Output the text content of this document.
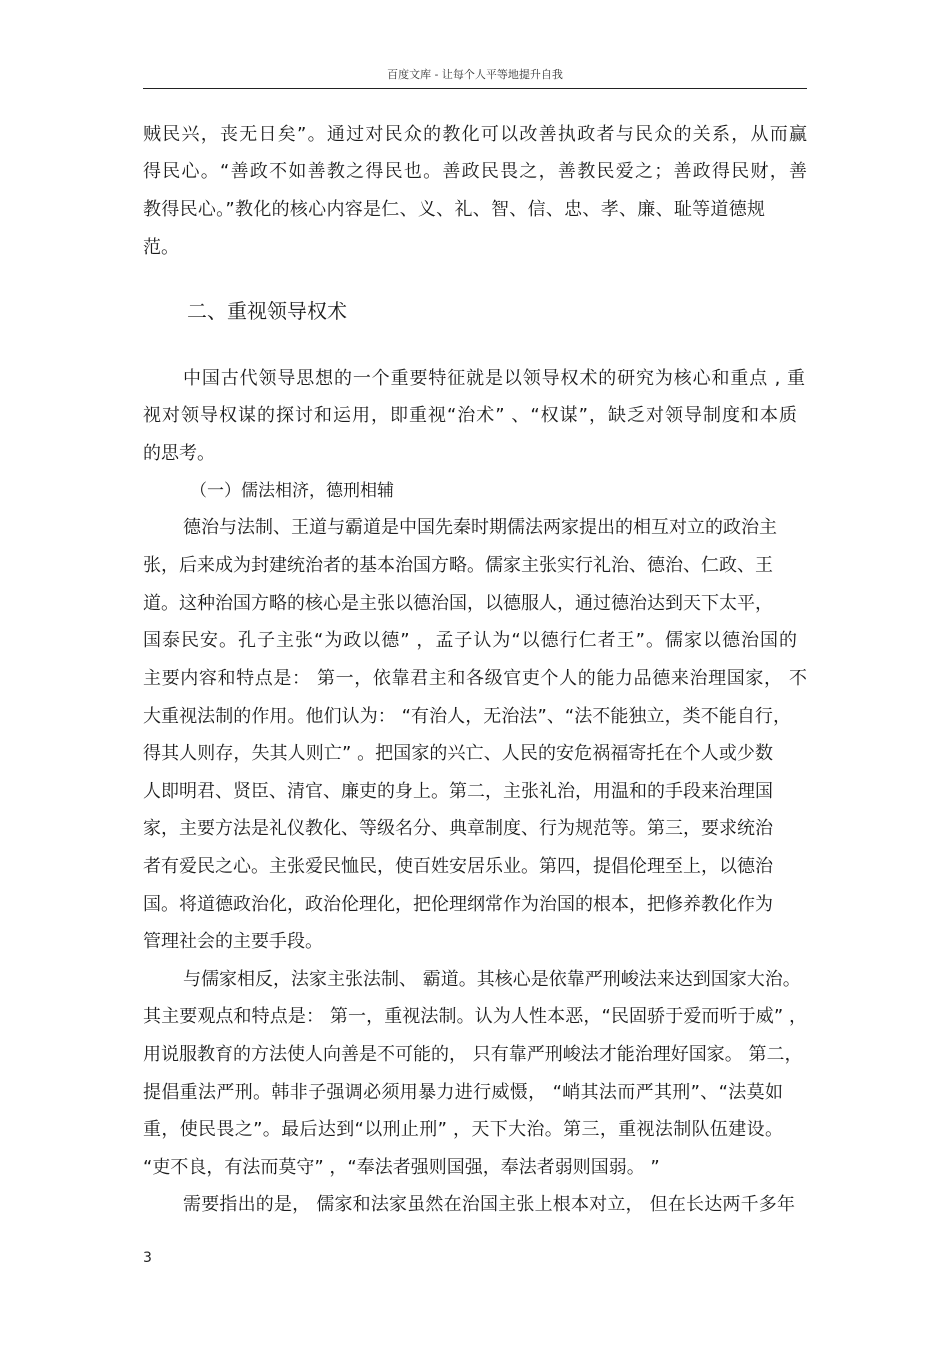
百度文库 - 让每个人平等地提升自我
贼民兴，丧无日矣”。通过对民众的教化可以改善执政者与民众的关系，从而赢
得民心。“善政不如善教之得民也。善政民畏之，善教民爱之；善政得民财，善
教得民心。”教化的核心内容是仁、义、礼、智、信、忠、孝、廉、耻等道德规
范。
二、重视领导权术
中国古代领导思想的一个重要特征就是以领导权术的研究为核心和重点 , 重
视对领导权谋的探讨和运用，即重视“治术” 、“权谋”，缺乏对领导制度和本质
的思考。
（一）儒法相济，德刑相辅
德治与法制、王道与霸道是中国先秦时期儒法两家提出的相互对立的政治主
张，后来成为封建统治者的基本治国方略。儒家主张实行礼治、德治、仁政、王
道。这种治国方略的核心是主张以德治国，以德服人，通过德治达到天下太平，
国泰民安。孔子主张“为政以德” ，孟子认为“以德行仁者王”。儒家以德治国的
主要内容和特点是： 第一，依靠君主和各级官吏个人的能力品德来治理国家， 不
大重视法制的作用。他们认为： “有治人，无治法”、“法不能独立，类不能自行，
得其人则存，失其人则亡” 。把国家的兴亡、人民的安危祸福寄托在个人或少数
人即明君、贤臣、清官、廉吏的身上。第二，主张礼治，用温和的手段来治理国
家，主要方法是礼仪教化、等级名分、典章制度、行为规范等。第三，要求统治
者有爱民之心。主张爱民恤民，使百姓安居乐业。第四，提倡伦理至上，以德治
国。将道德政治化，政治伦理化，把伦理纲常作为治国的根本，把修养教化作为
管理社会的主要手段。
与儒家相反，法家主张法制、 霸道。其核心是依靠严刑峻法来达到国家大治。
其主要观点和特点是： 第一，重视法制。认为人性本恶，“民固骄于爱而听于威” ，
用说服教育的方法使人向善是不可能的， 只有靠严刑峻法才能治理好国家。 第二，
提倡重法严刑。韩非子强调必须用暴力进行威慑， “峭其法而严其刑”、“法莫如
重，使民畏之”。最后达到“以刑止刑” ，天下大治。第三，重视法制队伍建设。
“吏不良，有法而莫守” ，“奉法者强则国强，奉法者弱则国弱。 ”
需要指出的是， 儒家和法家虽然在治国主张上根本对立， 但在长达两千多年
3
